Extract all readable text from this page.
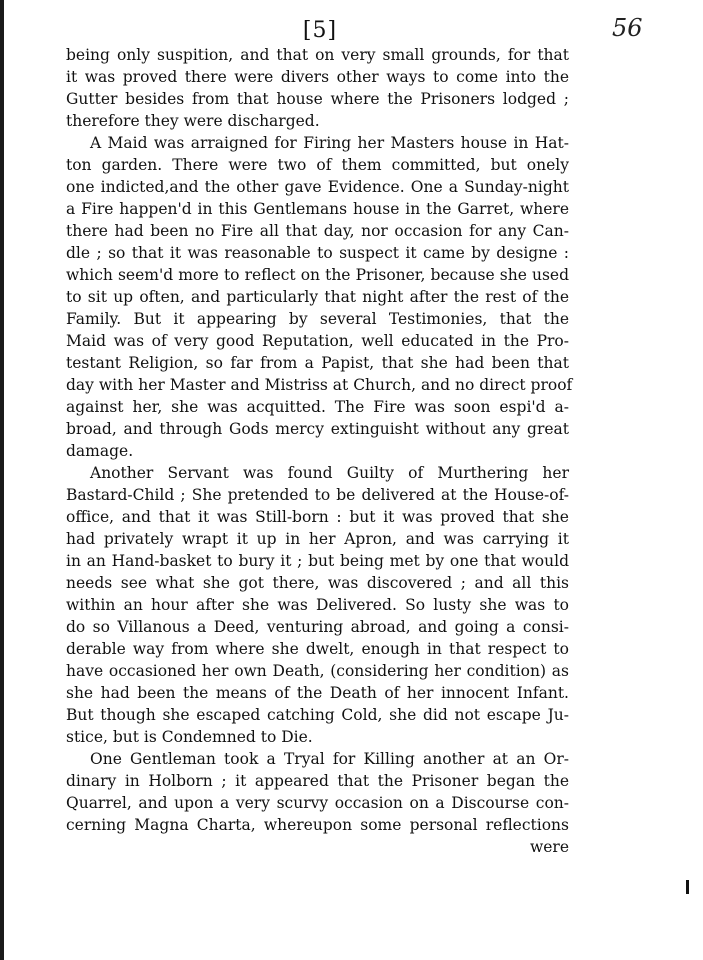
[5]	56
being only suspition, and that on very small grounds, for that
it was proved there were divers other ways to come into the
Gutter besides from that house where the Prisoners lodged ;
therefore they were discharged.
A Maid was arraigned for Firing her Masters house in Hat-
ton garden. There were two of them committed, but onely
one indicted,and the other gave Evidence. One a Sunday-night
a Fire happen'd in this Gentlemans house in the Garret, where
there had been no Fire all that day, nor occasion for any Can-
dle ; so that it was reasonable to suspect it came by designe :
which seem'd more to reflect on the Prisoner, because she used
to sit up often, and particularly that night after the rest of the
Family. But it appearing by several Testimonies, that the
Maid was of very good Reputation, well educated in the Pro-
testant Religion, so far from a Papist, that she had been that
day with her Master and Mistriss at Church, and no direct proof
against her, she was acquitted. The Fire was soon espi'd a-
broad, and through Gods mercy extinguisht without any great
damage.
Another Servant was found Guilty of Murthering her
Bastard-Child ; She pretended to be delivered at the House-of-
office, and that it was Still-born : but it was proved that she
had privately wrapt it up in her Apron, and was carrying it
in an Hand-basket to bury it ; but being met by one that would
needs see what she got there, was discovered ; and all this
within an hour after she was Delivered. So lusty she was to
do so Villanous a Deed, venturing abroad, and going a consi-
derable way from where she dwelt, enough in that respect to
have occasioned her own Death, (considering her condition) as
she had been the means of the Death of her innocent Infant.
But though she escaped catching Cold, she did not escape Ju-
stice, but is Condemned to Die.
One Gentleman took a Tryal for Killing another at an Or-
dinary in Holborn ; it appeared that the Prisoner began the
Quarrel, and upon a very scurvy occasion on a Discourse con-
cerning Magna Charta, whereupon some personal reflections
were
